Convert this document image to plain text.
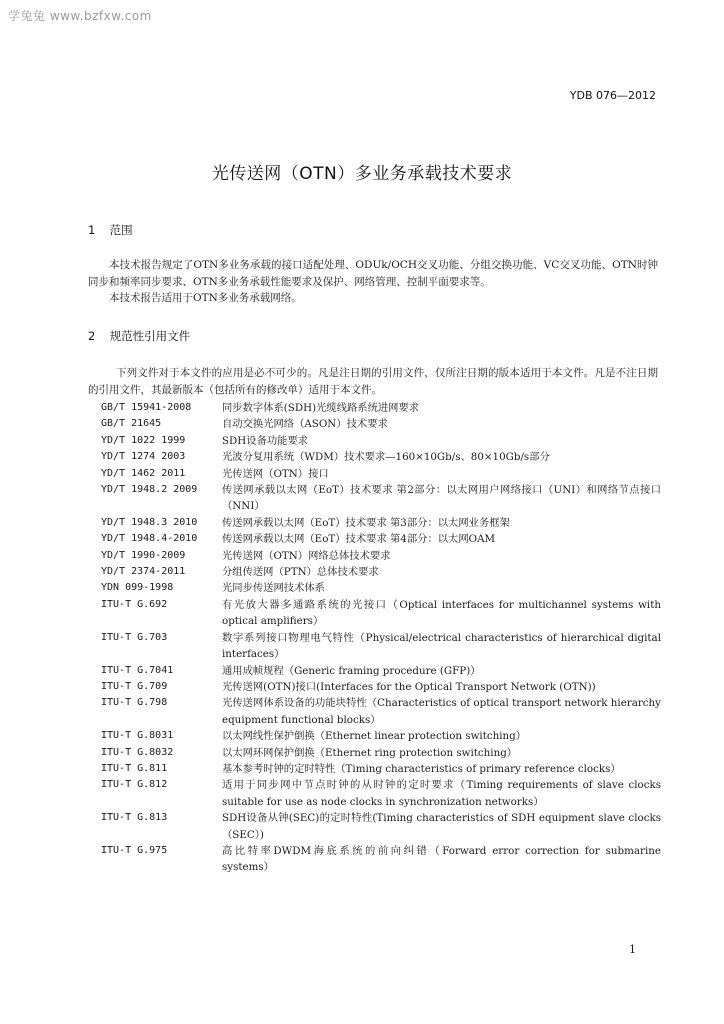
学兔兔 www.bzfxw.com
YDB 076—2012
光传送网（OTN）多业务承载技术要求
1 范围
本技术报告规定了OTN多业务承载的接口适配处理、ODUk/OCH交叉功能、分组交换功能、VC交叉功能、OTN时钟同步和频率同步要求、OTN多业务承载性能要求及保护、网络管理、控制平面要求等。
本技术报告适用于OTN多业务承载网络。
2 规范性引用文件
下列文件对于本文件的应用是必不可少的。凡是注日期的引用文件，仅所注日期的版本适用于本文件。凡是不注日期的引用文件，其最新版本（包括所有的修改单）适用于本文件。
GB/T 15941-2008	同步数字体系(SDH)光缆线路系统进网要求
GB/T 21645	自动交换光网络（ASON）技术要求
YD/T 1022 1999	SDH设备功能要求
YD/T 1274 2003	光波分复用系统（WDM）技术要求—160×10Gb/s、80×10Gb/s部分
YD/T 1462 2011	光传送网（OTN）接口
YD/T 1948.2 2009	传送网承载以太网（EoT）技术要求 第2部分：以太网用户网络接口（UNI）和网络节点接口（NNI）
YD/T 1948.3 2010	传送网承载以太网（EoT）技术要求 第3部分：以太网业务框架
YD/T 1948.4-2010	传送网承载以太网（EoT）技术要求 第4部分：以太网OAM
YD/T 1990-2009	光传送网（OTN）网络总体技术要求
YD/T 2374-2011	分组传送网（PTN）总体技术要求
YDN 099-1998	光同步传送网技术体系
ITU-T G.692	有光放大器多通路系统的光接口（Optical interfaces for multichannel systems with optical amplifiers）
ITU-T G.703	数字系列接口物理电气特性（Physical/electrical characteristics of hierarchical digital interfaces）
ITU-T G.7041	通用成帧规程（Generic framing procedure (GFP)）
ITU-T G.709	光传送网(OTN)接口(Interfaces for the Optical Transport Network (OTN))
ITU-T G.798	光传送网体系设备的功能块特性（Characteristics of optical transport network hierarchy equipment functional blocks）
ITU-T G.8031	以太网线性保护倒换（Ethernet linear protection switching）
ITU-T G.8032	以太网环网保护倒换（Ethernet ring protection switching）
ITU-T G.811	基本参考时钟的定时特性（Timing characteristics of primary reference clocks）
ITU-T G.812	适用于同步网中节点时钟的从时钟的定时要求（Timing requirements of slave clocks suitable for use as node clocks in synchronization networks）
ITU-T G.813	SDH设备从钟(SEC)的定时特性(Timing characteristics of SDH equipment slave clocks（SEC）)
ITU-T G.975	高比特率DWDM海底系统的前向纠错（Forward error correction for submarine systems）
1
